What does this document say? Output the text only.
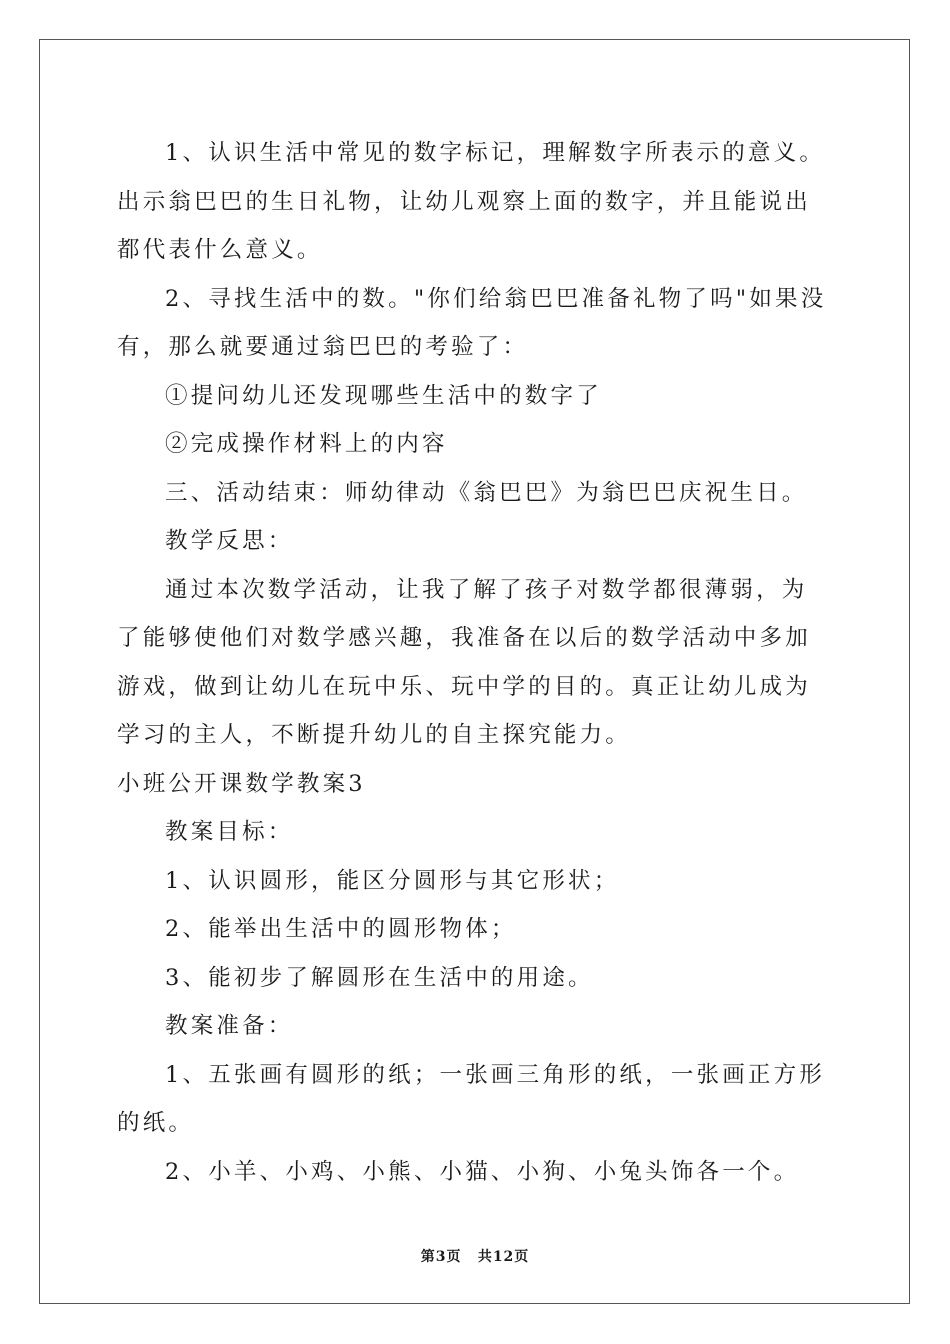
1、认识生活中常见的数字标记，理解数字所表示的意义。出示翁巴巴的生日礼物，让幼儿观察上面的数字，并且能说出都代表什么意义。

2、寻找生活中的数。"你们给翁巴巴准备礼物了吗"如果没有，那么就要通过翁巴巴的考验了：

①提问幼儿还发现哪些生活中的数字了

②完成操作材料上的内容

三、活动结束：师幼律动《翁巴巴》为翁巴巴庆祝生日。

教学反思：

通过本次数学活动，让我了解了孩子对数学都很薄弱，为了能够使他们对数学感兴趣，我准备在以后的数学活动中多加游戏，做到让幼儿在玩中乐、玩中学的目的。真正让幼儿成为学习的主人，不断提升幼儿的自主探究能力。

小班公开课数学教案3

教案目标：

1、认识圆形，能区分圆形与其它形状；

2、能举出生活中的圆形物体；

3、能初步了解圆形在生活中的用途。

教案准备：

1、五张画有圆形的纸；一张画三角形的纸，一张画正方形的纸。

2、小羊、小鸡、小熊、小猫、小狗、小兔头饰各一个。

第3页 共12页
